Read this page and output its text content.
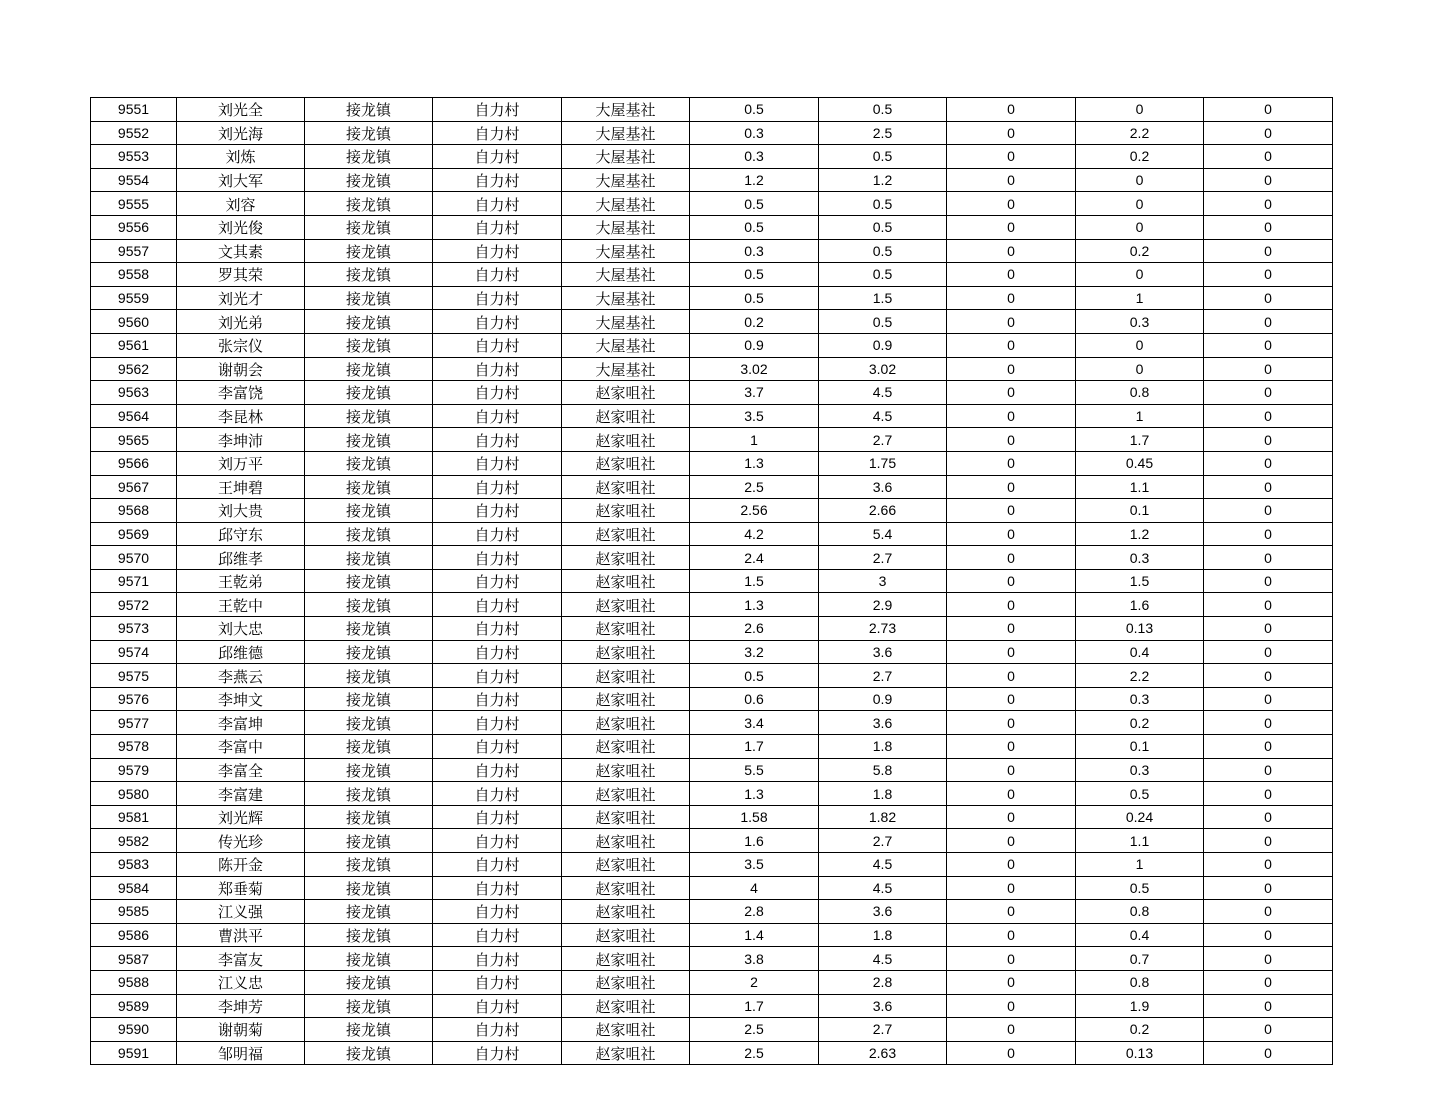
9551	刘光全	接龙镇	自力村	大屋基社	0.5	0.5	0	0	0
9552	刘光海	接龙镇	自力村	大屋基社	0.3	2.5	0	2.2	0
9553	刘炼	接龙镇	自力村	大屋基社	0.3	0.5	0	0.2	0
9554	刘大军	接龙镇	自力村	大屋基社	1.2	1.2	0	0	0
9555	刘容	接龙镇	自力村	大屋基社	0.5	0.5	0	0	0
9556	刘光俊	接龙镇	自力村	大屋基社	0.5	0.5	0	0	0
9557	文其素	接龙镇	自力村	大屋基社	0.3	0.5	0	0.2	0
9558	罗其荣	接龙镇	自力村	大屋基社	0.5	0.5	0	0	0
9559	刘光才	接龙镇	自力村	大屋基社	0.5	1.5	0	1	0
9560	刘光弟	接龙镇	自力村	大屋基社	0.2	0.5	0	0.3	0
9561	张宗仪	接龙镇	自力村	大屋基社	0.9	0.9	0	0	0
9562	谢朝会	接龙镇	自力村	大屋基社	3.02	3.02	0	0	0
9563	李富饶	接龙镇	自力村	赵家咀社	3.7	4.5	0	0.8	0
9564	李昆林	接龙镇	自力村	赵家咀社	3.5	4.5	0	1	0
9565	李坤沛	接龙镇	自力村	赵家咀社	1	2.7	0	1.7	0
9566	刘万平	接龙镇	自力村	赵家咀社	1.3	1.75	0	0.45	0
9567	王坤碧	接龙镇	自力村	赵家咀社	2.5	3.6	0	1.1	0
9568	刘大贵	接龙镇	自力村	赵家咀社	2.56	2.66	0	0.1	0
9569	邱守东	接龙镇	自力村	赵家咀社	4.2	5.4	0	1.2	0
9570	邱维孝	接龙镇	自力村	赵家咀社	2.4	2.7	0	0.3	0
9571	王乾弟	接龙镇	自力村	赵家咀社	1.5	3	0	1.5	0
9572	王乾中	接龙镇	自力村	赵家咀社	1.3	2.9	0	1.6	0
9573	刘大忠	接龙镇	自力村	赵家咀社	2.6	2.73	0	0.13	0
9574	邱维德	接龙镇	自力村	赵家咀社	3.2	3.6	0	0.4	0
9575	李燕云	接龙镇	自力村	赵家咀社	0.5	2.7	0	2.2	0
9576	李坤文	接龙镇	自力村	赵家咀社	0.6	0.9	0	0.3	0
9577	李富坤	接龙镇	自力村	赵家咀社	3.4	3.6	0	0.2	0
9578	李富中	接龙镇	自力村	赵家咀社	1.7	1.8	0	0.1	0
9579	李富全	接龙镇	自力村	赵家咀社	5.5	5.8	0	0.3	0
9580	李富建	接龙镇	自力村	赵家咀社	1.3	1.8	0	0.5	0
9581	刘光辉	接龙镇	自力村	赵家咀社	1.58	1.82	0	0.24	0
9582	传光珍	接龙镇	自力村	赵家咀社	1.6	2.7	0	1.1	0
9583	陈开金	接龙镇	自力村	赵家咀社	3.5	4.5	0	1	0
9584	郑垂菊	接龙镇	自力村	赵家咀社	4	4.5	0	0.5	0
9585	江义强	接龙镇	自力村	赵家咀社	2.8	3.6	0	0.8	0
9586	曹洪平	接龙镇	自力村	赵家咀社	1.4	1.8	0	0.4	0
9587	李富友	接龙镇	自力村	赵家咀社	3.8	4.5	0	0.7	0
9588	江义忠	接龙镇	自力村	赵家咀社	2	2.8	0	0.8	0
9589	李坤芳	接龙镇	自力村	赵家咀社	1.7	3.6	0	1.9	0
9590	谢朝菊	接龙镇	自力村	赵家咀社	2.5	2.7	0	0.2	0
9591	邹明福	接龙镇	自力村	赵家咀社	2.5	2.63	0	0.13	0
